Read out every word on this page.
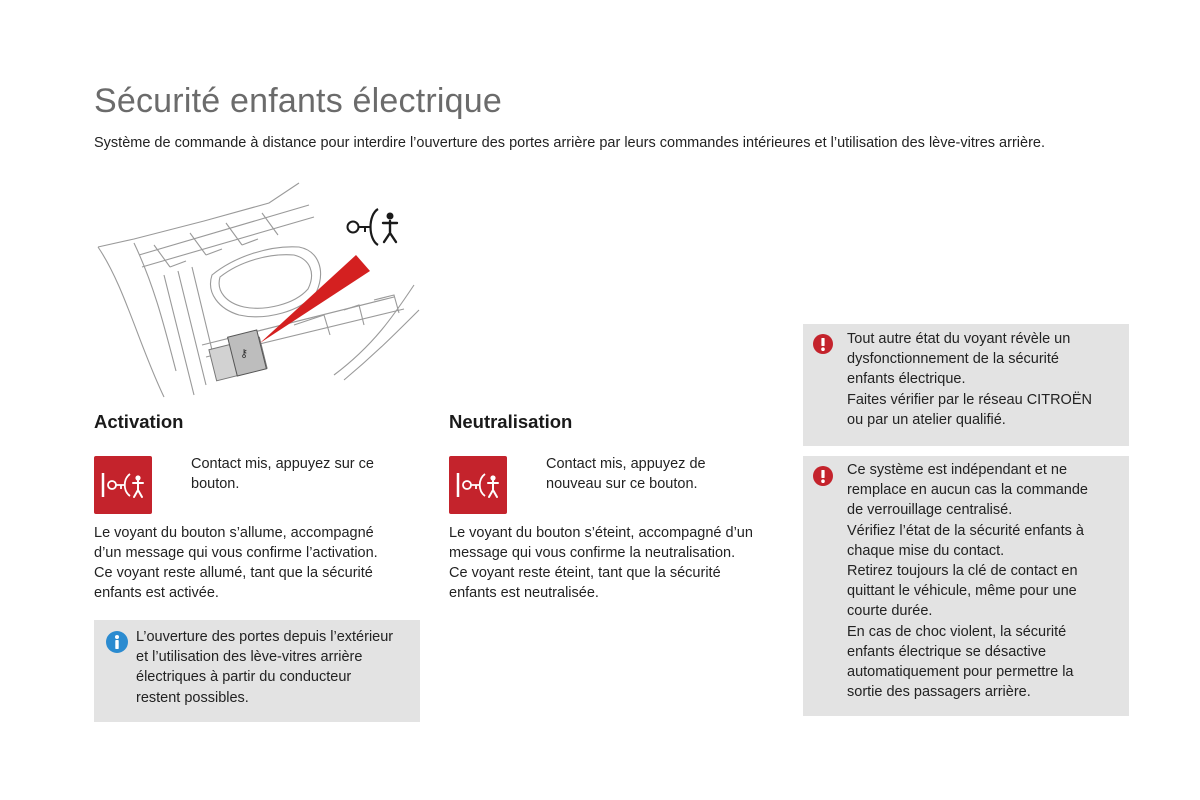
Sécurité enfants électrique

Système de commande à distance pour interdire l’ouverture des portes arrière par leurs commandes intérieures et l’utilisation des lève-vitres arrière.

⚷
Activation
Contact mis, appuyez sur ce
bouton.

Le voyant du bouton s’allume, accompagné
d’un message qui vous confirme l’activation.
Ce voyant reste allumé, tant que la sécurité
enfants est activée.

L’ouverture des portes depuis l’extérieur
et l’utilisation des lève-vitres arrière
électriques à partir du conducteur
restent possibles.
Neutralisation
Contact mis, appuyez de
nouveau sur ce bouton.

Le voyant du bouton s’éteint, accompagné d’un
message qui vous confirme la neutralisation.
Ce voyant reste éteint, tant que la sécurité
enfants est neutralisée.

Tout autre état du voyant révèle un
dysfonctionnement de la sécurité
enfants électrique.
Faites vérifier par le réseau CITROËN
ou par un atelier qualifié.
Ce système est indépendant et ne
remplace en aucun cas la commande
de verrouillage centralisé.
Vérifiez l’état de la sécurité enfants à
chaque mise du contact.
Retirez toujours la clé de contact en
quittant le véhicule, même pour une
courte durée.
En cas de choc violent, la sécurité
enfants électrique se désactive
automatiquement pour permettre la
sortie des passagers arrière.
